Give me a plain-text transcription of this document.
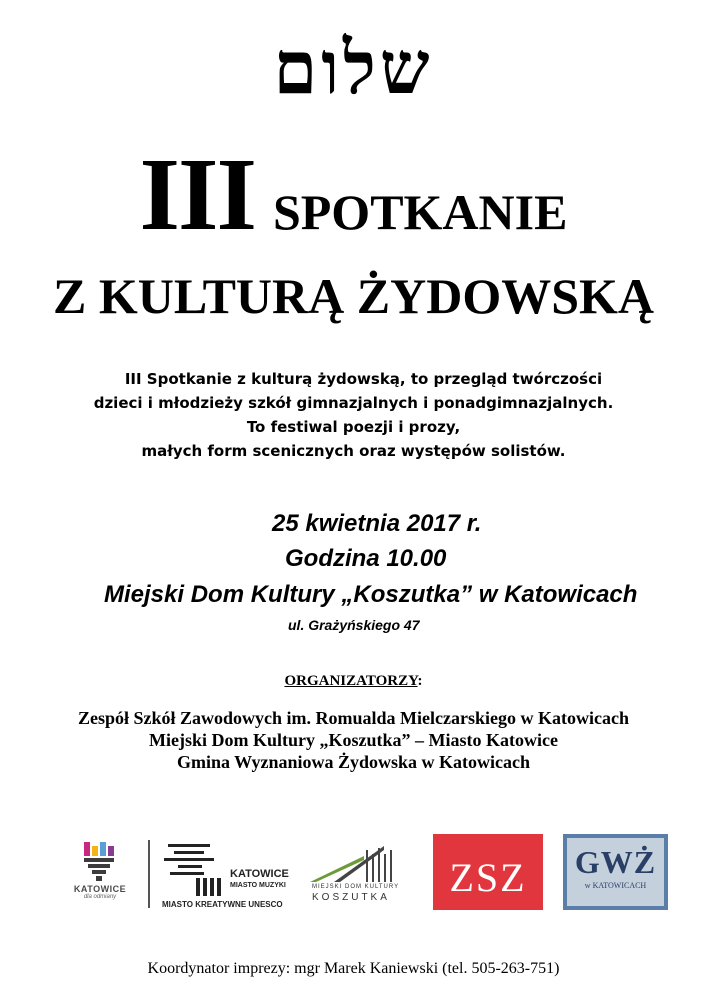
שלום
III SPOTKANIE
Z KULTURĄ ŻYDOWSKĄ
III Spotkanie z kulturą żydowską, to przegląd twórczości
dzieci i młodzieży szkół gimnazjalnych i ponadgimnazjalnych.
To festiwal poezji i prozy,
małych form scenicznych oraz występów solistów.
25 kwietnia 2017 r.
Godzina 10.00
Miejski Dom Kultury „Koszutka” w Katowicach
ul. Grażyńskiego 47
ORGANIZATORZY:
Zespół Szkół Zawodowych im. Romualda Mielczarskiego w Katowicach
Miejski Dom Kultury „Koszutka” – Miasto Katowice
Gmina Wyznaniowa Żydowska w Katowicach
KATOWICE
dla odmiany
KATOWICE
MIASTO MUZYKI
MIASTO KREATYWNE UNESCO
MIEJSKI DOM KULTURY
KOSZUTKA	ZSZ	GWŻ
w KATOWICACH
Koordynator imprezy: mgr Marek Kaniewski (tel. 505-263-751)
